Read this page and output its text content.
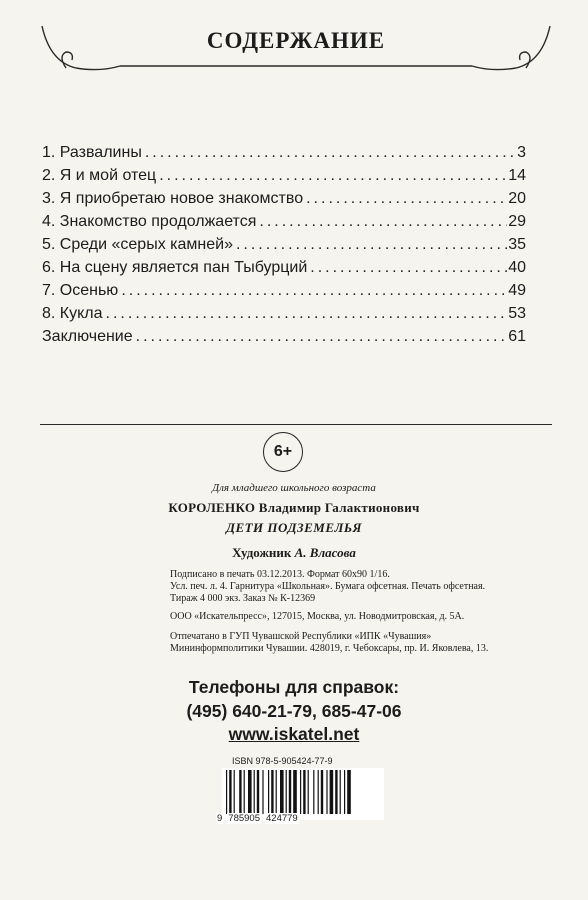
СОДЕРЖАНИЕ
1. Развалины .....	3
2. Я и мой отец .....	14
3. Я приобретаю новое знакомство .....	20
4. Знакомство продолжается .....	29
5. Среди «серых камней» .....	35
6. На сцену является пан Тыбурций .....	40
7. Осенью .....	49
8. Кукла .....	53
Заключение .....	61
6+
Для младшего школьного возраста
КОРОЛЕНКО Владимир Галактионович
ДЕТИ ПОДЗЕМЕЛЬЯ
Художник А. Власова
Подписано в печать 03.12.2013. Формат 60х90 1/16.
Усл. печ. л. 4. Гарнитура «Школьная». Бумага офсетная. Печать офсетная.
Тираж 4 000 экз. Заказ № К-12369
ООО «Искательпресс», 127015, Москва, ул. Новодмитровская, д. 5А.
Отпечатано в ГУП Чувашской Республики «ИПК «Чувашия»
Мининформполитики Чувашии. 428019, г. Чебоксары, пр. И. Яковлева, 13.
Телефоны для справок:
(495) 640-21-79, 685-47-06
www.iskatel.net
ISBN 978-5-905424-77-9
9 785905 424779
